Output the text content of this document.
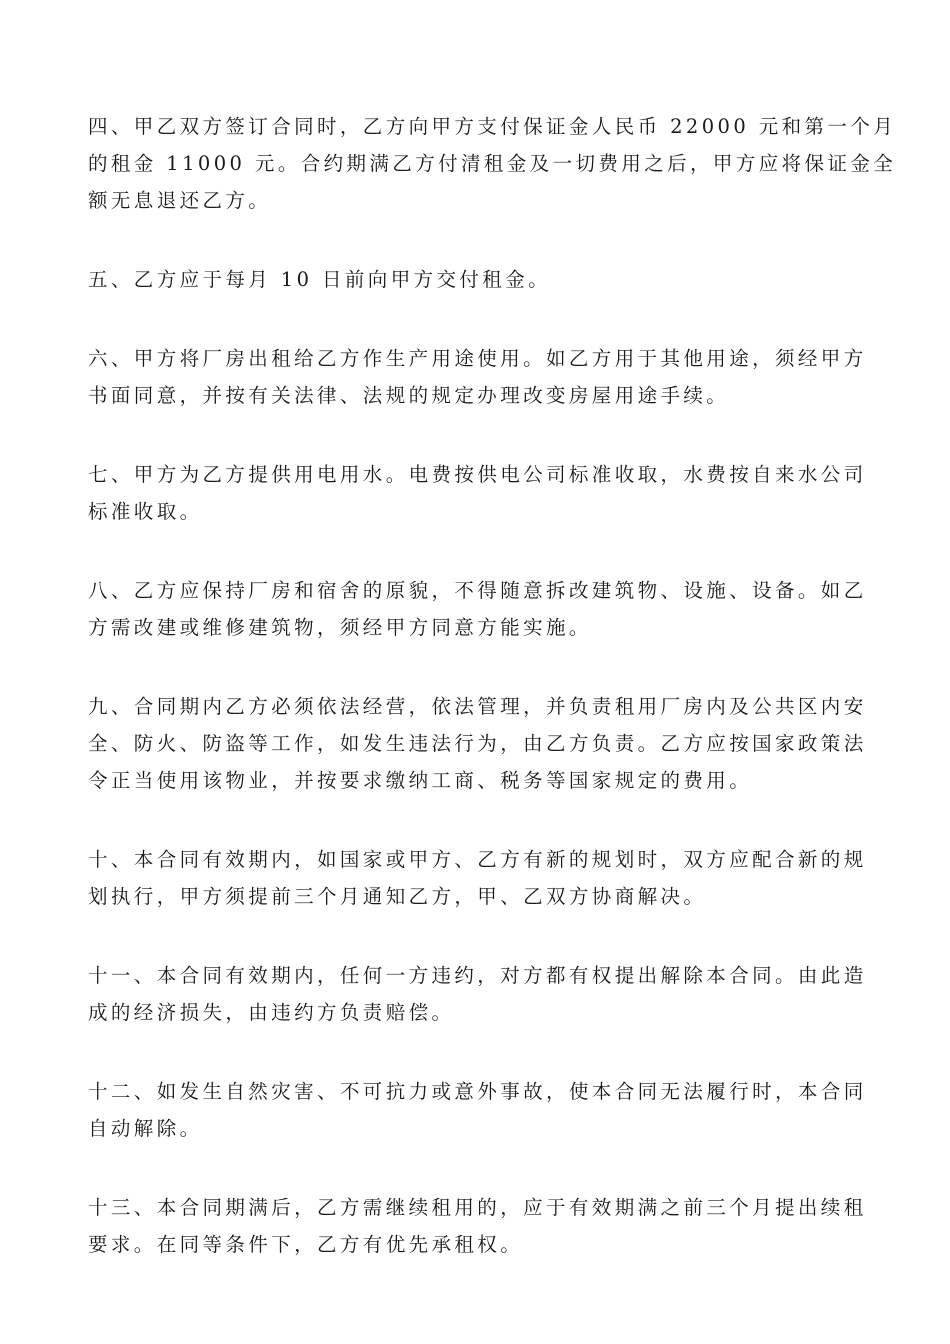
四、甲乙双方签订合同时，乙方向甲方支付保证金人民币 22000 元和第一个月
的租金 11000 元。合约期满乙方付清租金及一切费用之后，甲方应将保证金全
额无息退还乙方。

五、乙方应于每月 10 日前向甲方交付租金。

六、甲方将厂房出租给乙方作生产用途使用。如乙方用于其他用途，须经甲方
书面同意，并按有关法律、法规的规定办理改变房屋用途手续。

七、甲方为乙方提供用电用水。电费按供电公司标准收取，水费按自来水公司
标准收取。

八、乙方应保持厂房和宿舍的原貌，不得随意拆改建筑物、设施、设备。如乙
方需改建或维修建筑物，须经甲方同意方能实施。

九、合同期内乙方必须依法经营，依法管理，并负责租用厂房内及公共区内安
全、防火、防盗等工作，如发生违法行为，由乙方负责。乙方应按国家政策法
令正当使用该物业，并按要求缴纳工商、税务等国家规定的费用。

十、本合同有效期内，如国家或甲方、乙方有新的规划时，双方应配合新的规
划执行，甲方须提前三个月通知乙方，甲、乙双方协商解决。

十一、本合同有效期内，任何一方违约，对方都有权提出解除本合同。由此造
成的经济损失，由违约方负责赔偿。

十二、如发生自然灾害、不可抗力或意外事故，使本合同无法履行时，本合同
自动解除。

十三、本合同期满后，乙方需继续租用的，应于有效期满之前三个月提出续租
要求。在同等条件下，乙方有优先承租权。
